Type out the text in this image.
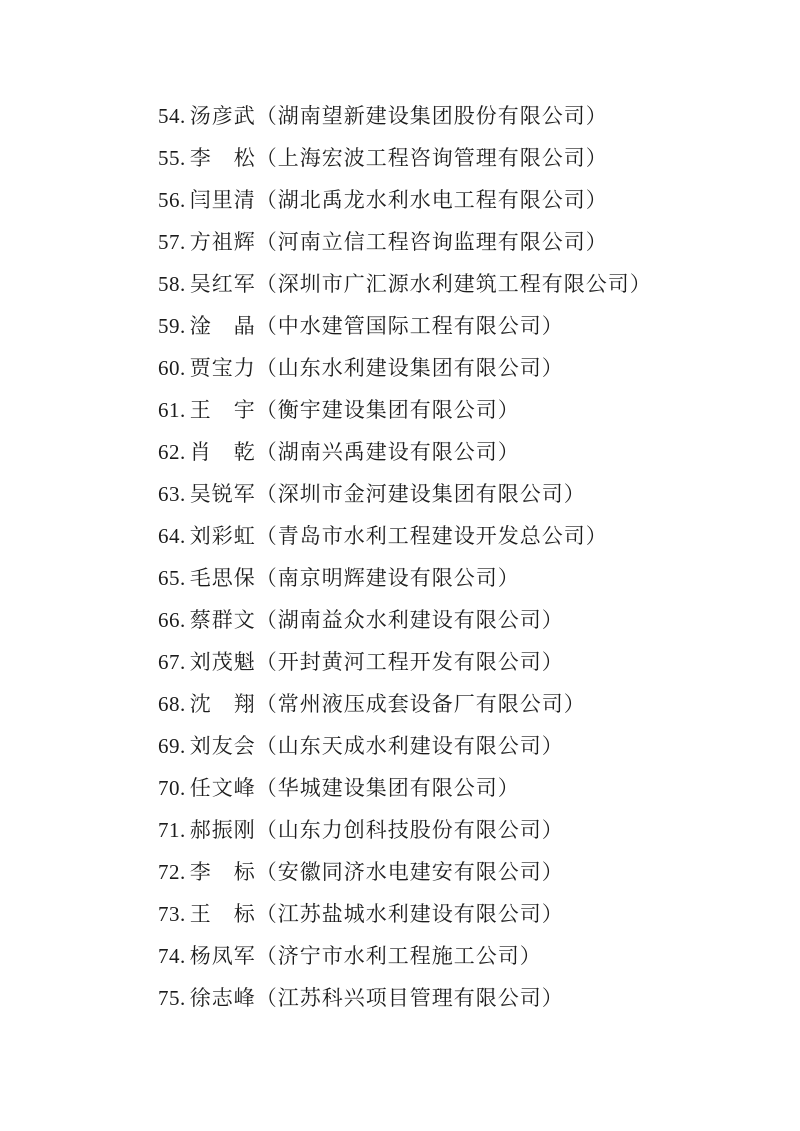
54. 汤彦武（湖南望新建设集团股份有限公司）
55. 李　松（上海宏波工程咨询管理有限公司）
56. 闫里清（湖北禹龙水利水电工程有限公司）
57. 方祖辉（河南立信工程咨询监理有限公司）
58. 吴红军（深圳市广汇源水利建筑工程有限公司）
59. 淦　晶（中水建管国际工程有限公司）
60. 贾宝力（山东水利建设集团有限公司）
61. 王　宇（衡宇建设集团有限公司）
62. 肖　乾（湖南兴禹建设有限公司）
63. 吴锐军（深圳市金河建设集团有限公司）
64. 刘彩虹（青岛市水利工程建设开发总公司）
65. 毛思保（南京明辉建设有限公司）
66. 蔡群文（湖南益众水利建设有限公司）
67. 刘茂魁（开封黄河工程开发有限公司）
68. 沈　翔（常州液压成套设备厂有限公司）
69. 刘友会（山东天成水利建设有限公司）
70. 任文峰（华城建设集团有限公司）
71. 郝振刚（山东力创科技股份有限公司）
72. 李　标（安徽同济水电建安有限公司）
73. 王　标（江苏盐城水利建设有限公司）
74. 杨凤军（济宁市水利工程施工公司）
75. 徐志峰（江苏科兴项目管理有限公司）
